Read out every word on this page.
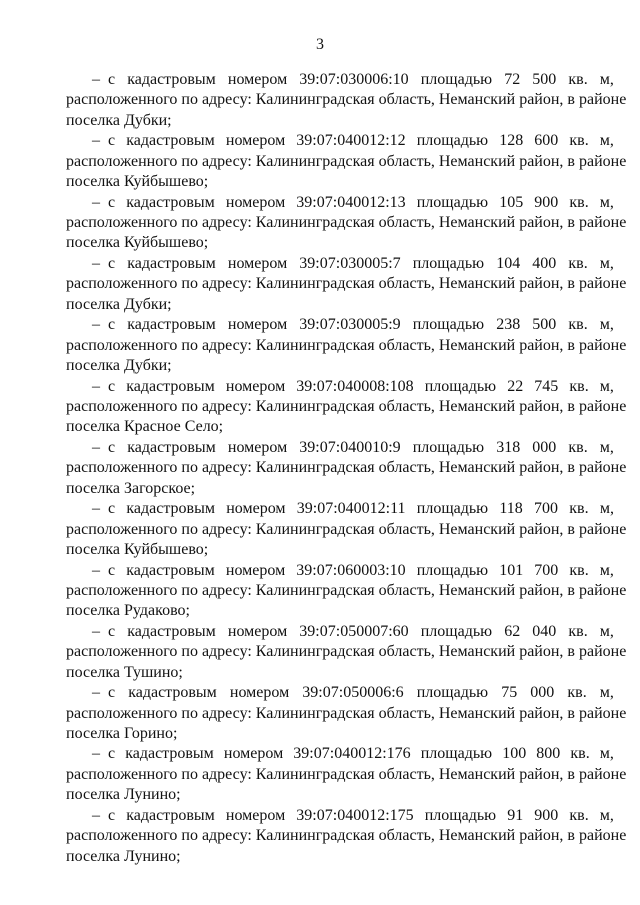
3
– с кадастровым номером 39:07:030006:10 площадью 72 500 кв. м,
расположенного по адресу: Калининградская область, Неманский район, в районе
поселка Дубки;
– с кадастровым номером 39:07:040012:12 площадью 128 600 кв. м,
расположенного по адресу: Калининградская область, Неманский район, в районе
поселка Куйбышево;
– с кадастровым номером 39:07:040012:13 площадью 105 900 кв. м,
расположенного по адресу: Калининградская область, Неманский район, в районе
поселка Куйбышево;
– с кадастровым номером 39:07:030005:7 площадью 104 400 кв. м,
расположенного по адресу: Калининградская область, Неманский район, в районе
поселка Дубки;
– с кадастровым номером 39:07:030005:9 площадью 238 500 кв. м,
расположенного по адресу: Калининградская область, Неманский район, в районе
поселка Дубки;
– с кадастровым номером 39:07:040008:108 площадью 22 745 кв. м,
расположенного по адресу: Калининградская область, Неманский район, в районе
поселка Красное Село;
– с кадастровым номером 39:07:040010:9 площадью 318 000 кв. м,
расположенного по адресу: Калининградская область, Неманский район, в районе
поселка Загорское;
– с кадастровым номером 39:07:040012:11 площадью 118 700 кв. м,
расположенного по адресу: Калининградская область, Неманский район, в районе
поселка Куйбышево;
– с кадастровым номером 39:07:060003:10 площадью 101 700 кв. м,
расположенного по адресу: Калининградская область, Неманский район, в районе
поселка Рудаково;
– с кадастровым номером 39:07:050007:60 площадью 62 040 кв. м,
расположенного по адресу: Калининградская область, Неманский район, в районе
поселка Тушино;
– с кадастровым номером 39:07:050006:6 площадью 75 000 кв. м,
расположенного по адресу: Калининградская область, Неманский район, в районе
поселка Горино;
– с кадастровым номером 39:07:040012:176 площадью 100 800 кв. м,
расположенного по адресу: Калининградская область, Неманский район, в районе
поселка Лунино;
– с кадастровым номером 39:07:040012:175 площадью 91 900 кв. м,
расположенного по адресу: Калининградская область, Неманский район, в районе
поселка Лунино;
